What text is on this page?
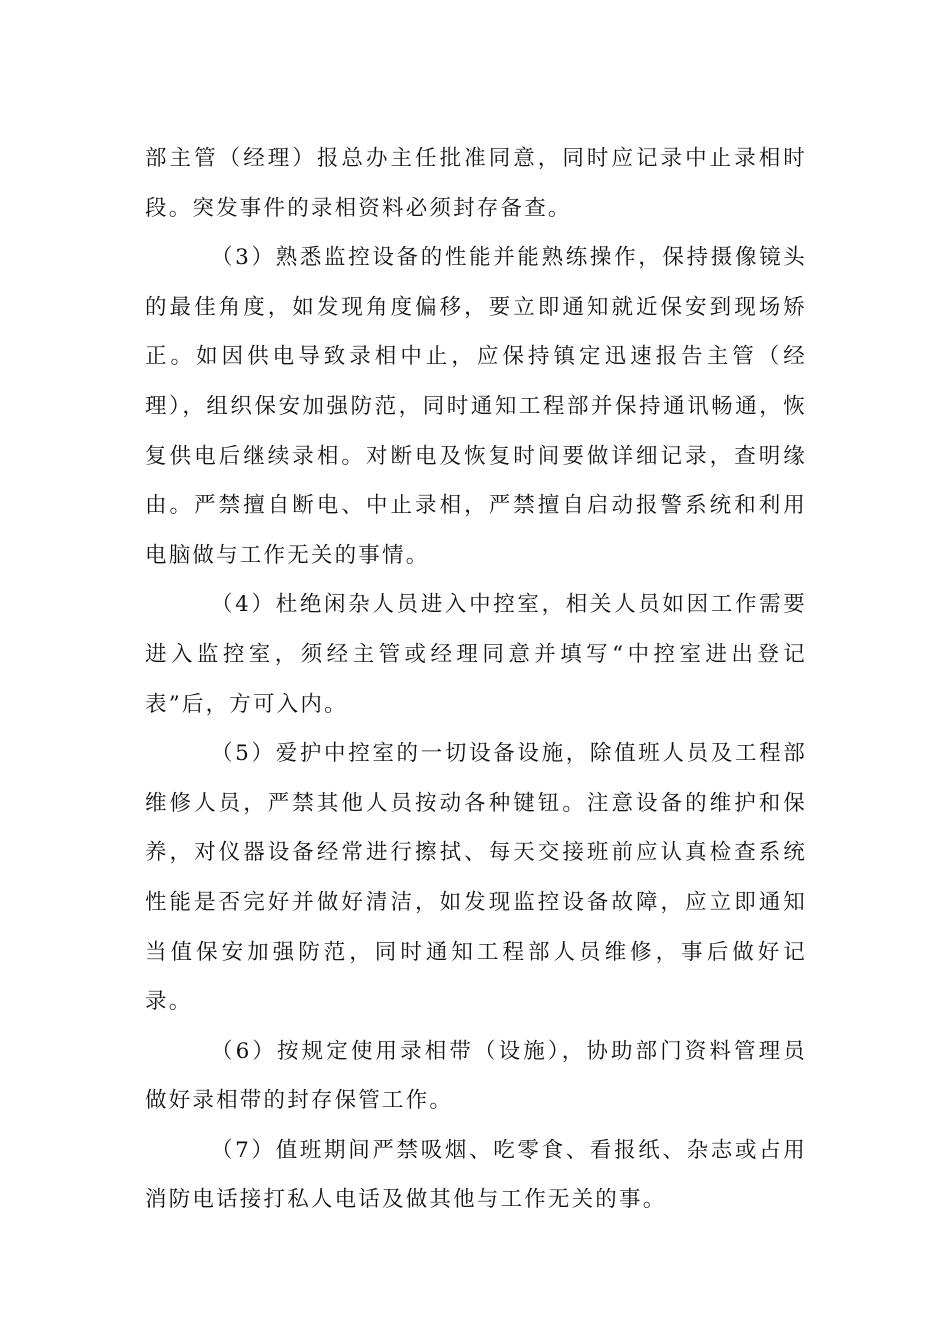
部主管（经理）报总办主任批准同意，同时应记录中止录相时段。突发事件的录相资料必须封存备查。

（3）熟悉监控设备的性能并能熟练操作，保持摄像镜头的最佳角度，如发现角度偏移，要立即通知就近保安到现场矫正。如因供电导致录相中止，应保持镇定迅速报告主管（经理），组织保安加强防范，同时通知工程部并保持通讯畅通，恢复供电后继续录相。对断电及恢复时间要做详细记录，查明缘由。严禁擅自断电、中止录相，严禁擅自启动报警系统和利用电脑做与工作无关的事情。

（4）杜绝闲杂人员进入中控室，相关人员如因工作需要进入监控室，须经主管或经理同意并填写“中控室进出登记表”后，方可入内。

（5）爱护中控室的一切设备设施，除值班人员及工程部维修人员，严禁其他人员按动各种键钮。注意设备的维护和保养，对仪器设备经常进行擦拭、每天交接班前应认真检查系统性能是否完好并做好清洁，如发现监控设备故障，应立即通知当值保安加强防范，同时通知工程部人员维修，事后做好记录。

（6）按规定使用录相带（设施），协助部门资料管理员做好录相带的封存保管工作。

（7）值班期间严禁吸烟、吃零食、看报纸、杂志或占用消防电话接打私人电话及做其他与工作无关的事。
